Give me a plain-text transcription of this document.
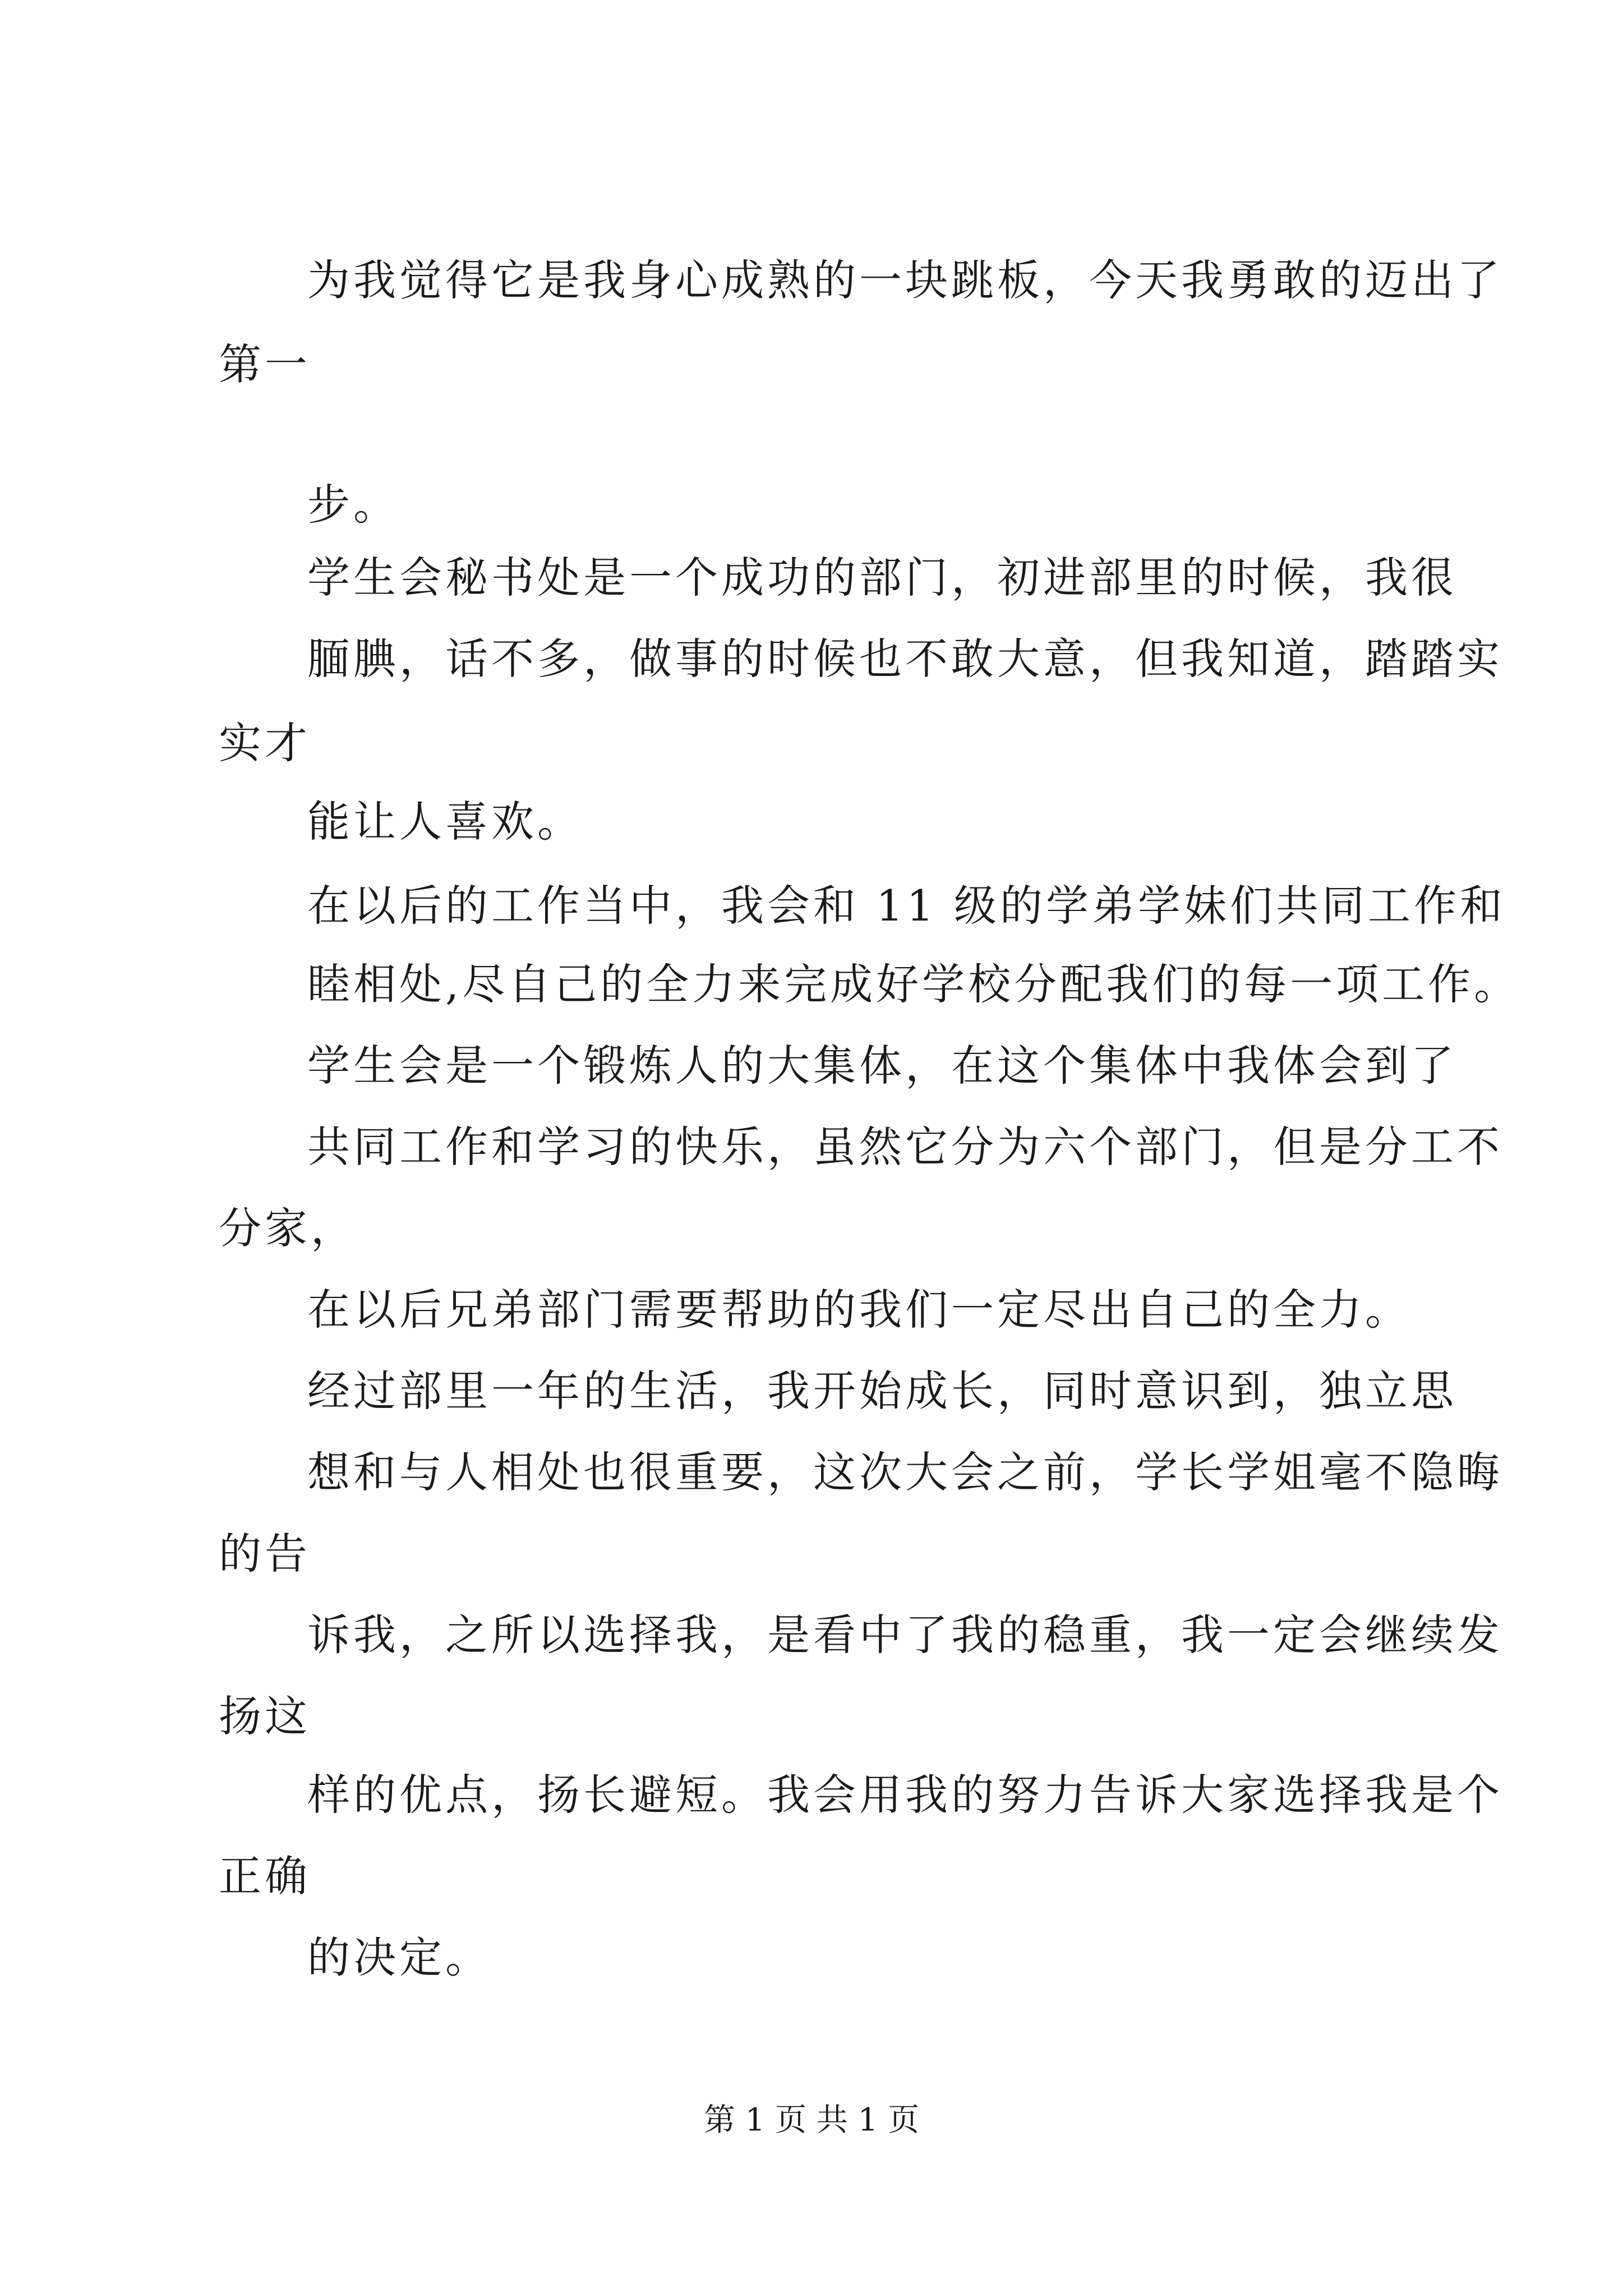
为我觉得它是我身心成熟的一块跳板，今天我勇敢的迈出了
第一
步。
学生会秘书处是一个成功的部门，初进部里的时候，我很
腼腆，话不多，做事的时候也不敢大意，但我知道，踏踏实
实才
能让人喜欢。
在以后的工作当中，我会和 11 级的学弟学妹们共同工作和
睦相处,尽自己的全力来完成好学校分配我们的每一项工作。
学生会是一个锻炼人的大集体，在这个集体中我体会到了
共同工作和学习的快乐，虽然它分为六个部门，但是分工不
分家，
在以后兄弟部门需要帮助的我们一定尽出自己的全力。
经过部里一年的生活，我开始成长，同时意识到，独立思
想和与人相处也很重要，这次大会之前，学长学姐毫不隐晦
的告
诉我，之所以选择我，是看中了我的稳重，我一定会继续发
扬这
样的优点，扬长避短。我会用我的努力告诉大家选择我是个
正确
的决定。
第 1 页 共 1 页
